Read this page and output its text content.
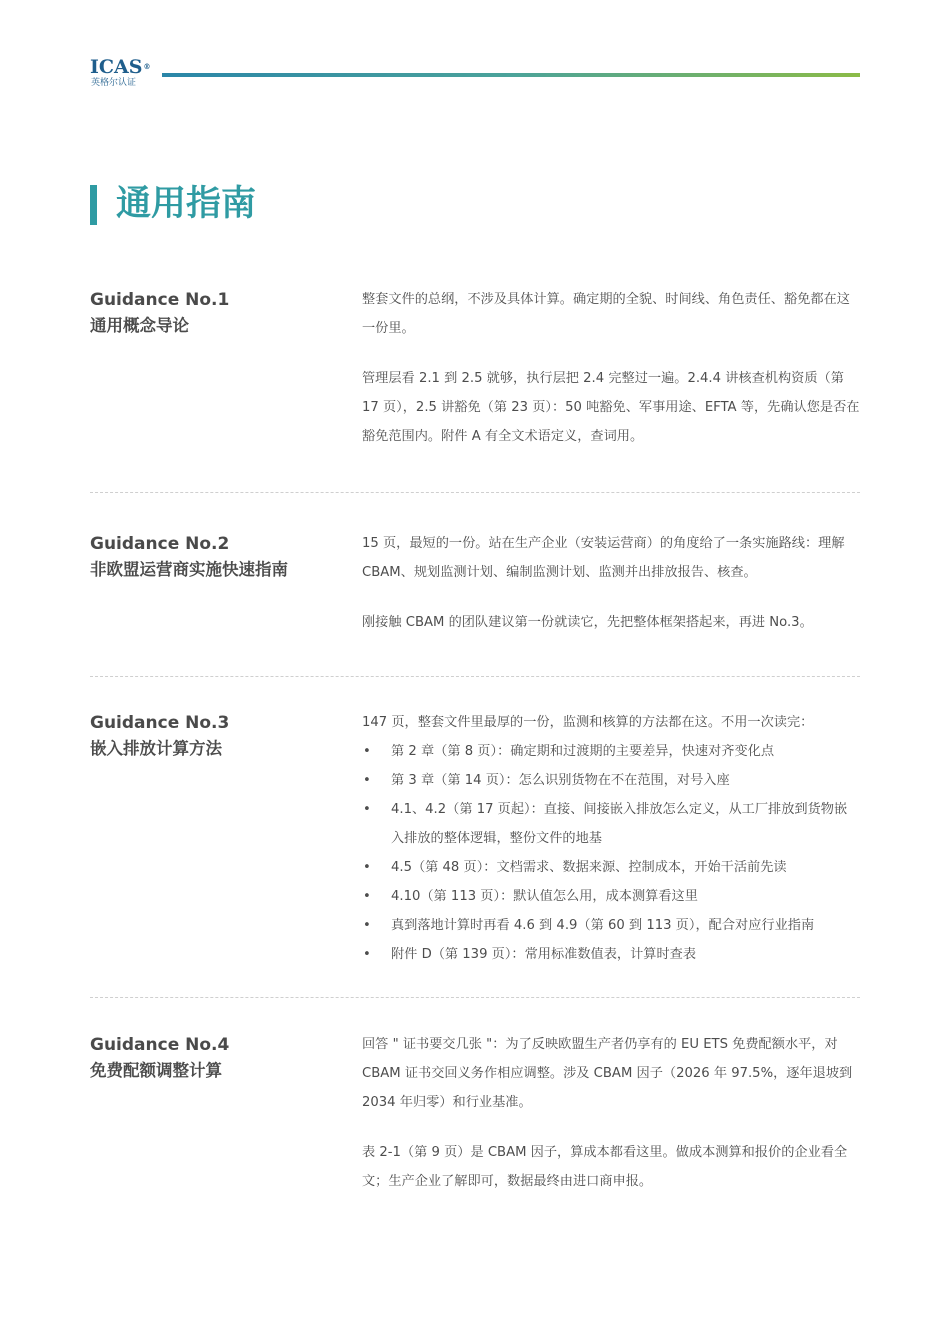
ICAS®
英格尔认证
通用指南
Guidance No.1
通用概念导论

整套文件的总纲，不涉及具体计算。确定期的全貌、时间线、角色责任、豁免都在这一份里。

管理层看 2.1 到 2.5 就够，执行层把 2.4 完整过一遍。2.4.4 讲核查机构资质（第 17 页），2.5 讲豁免（第 23 页）：50 吨豁免、军事用途、EFTA 等，先确认您是否在豁免范围内。附件 A 有全文术语定义，查词用。

Guidance No.2
非欧盟运营商实施快速指南

15 页，最短的一份。站在生产企业（安装运营商）的角度给了一条实施路线：理解 CBAM、规划监测计划、编制监测计划、监测并出排放报告、核查。

刚接触 CBAM 的团队建议第一份就读它，先把整体框架搭起来，再进 No.3。

Guidance No.3
嵌入排放计算方法
147 页，整套文件里最厚的一份，监测和核算的方法都在这。不用一次读完：
• 第 2 章（第 8 页）：确定期和过渡期的主要差异，快速对齐变化点
• 第 3 章（第 14 页）：怎么识别货物在不在范围，对号入座
• 4.1、4.2（第 17 页起）：直接、间接嵌入排放怎么定义，从工厂排放到货物嵌入排放的整体逻辑，整份文件的地基
• 4.5（第 48 页）：文档需求、数据来源、控制成本，开始干活前先读
• 4.10（第 113 页）：默认值怎么用，成本测算看这里
• 真到落地计算时再看 4.6 到 4.9（第 60 到 113 页），配合对应行业指南
• 附件 D（第 139 页）：常用标准数值表，计算时查表
Guidance No.4
免费配额调整计算

回答 " 证书要交几张 "：为了反映欧盟生产者仍享有的 EU ETS 免费配额水平，对 CBAM 证书交回义务作相应调整。涉及 CBAM 因子（2026 年 97.5%，逐年退坡到 2034 年归零）和行业基准。

表 2-1（第 9 页）是 CBAM 因子，算成本都看这里。做成本测算和报价的企业看全文；生产企业了解即可，数据最终由进口商申报。
